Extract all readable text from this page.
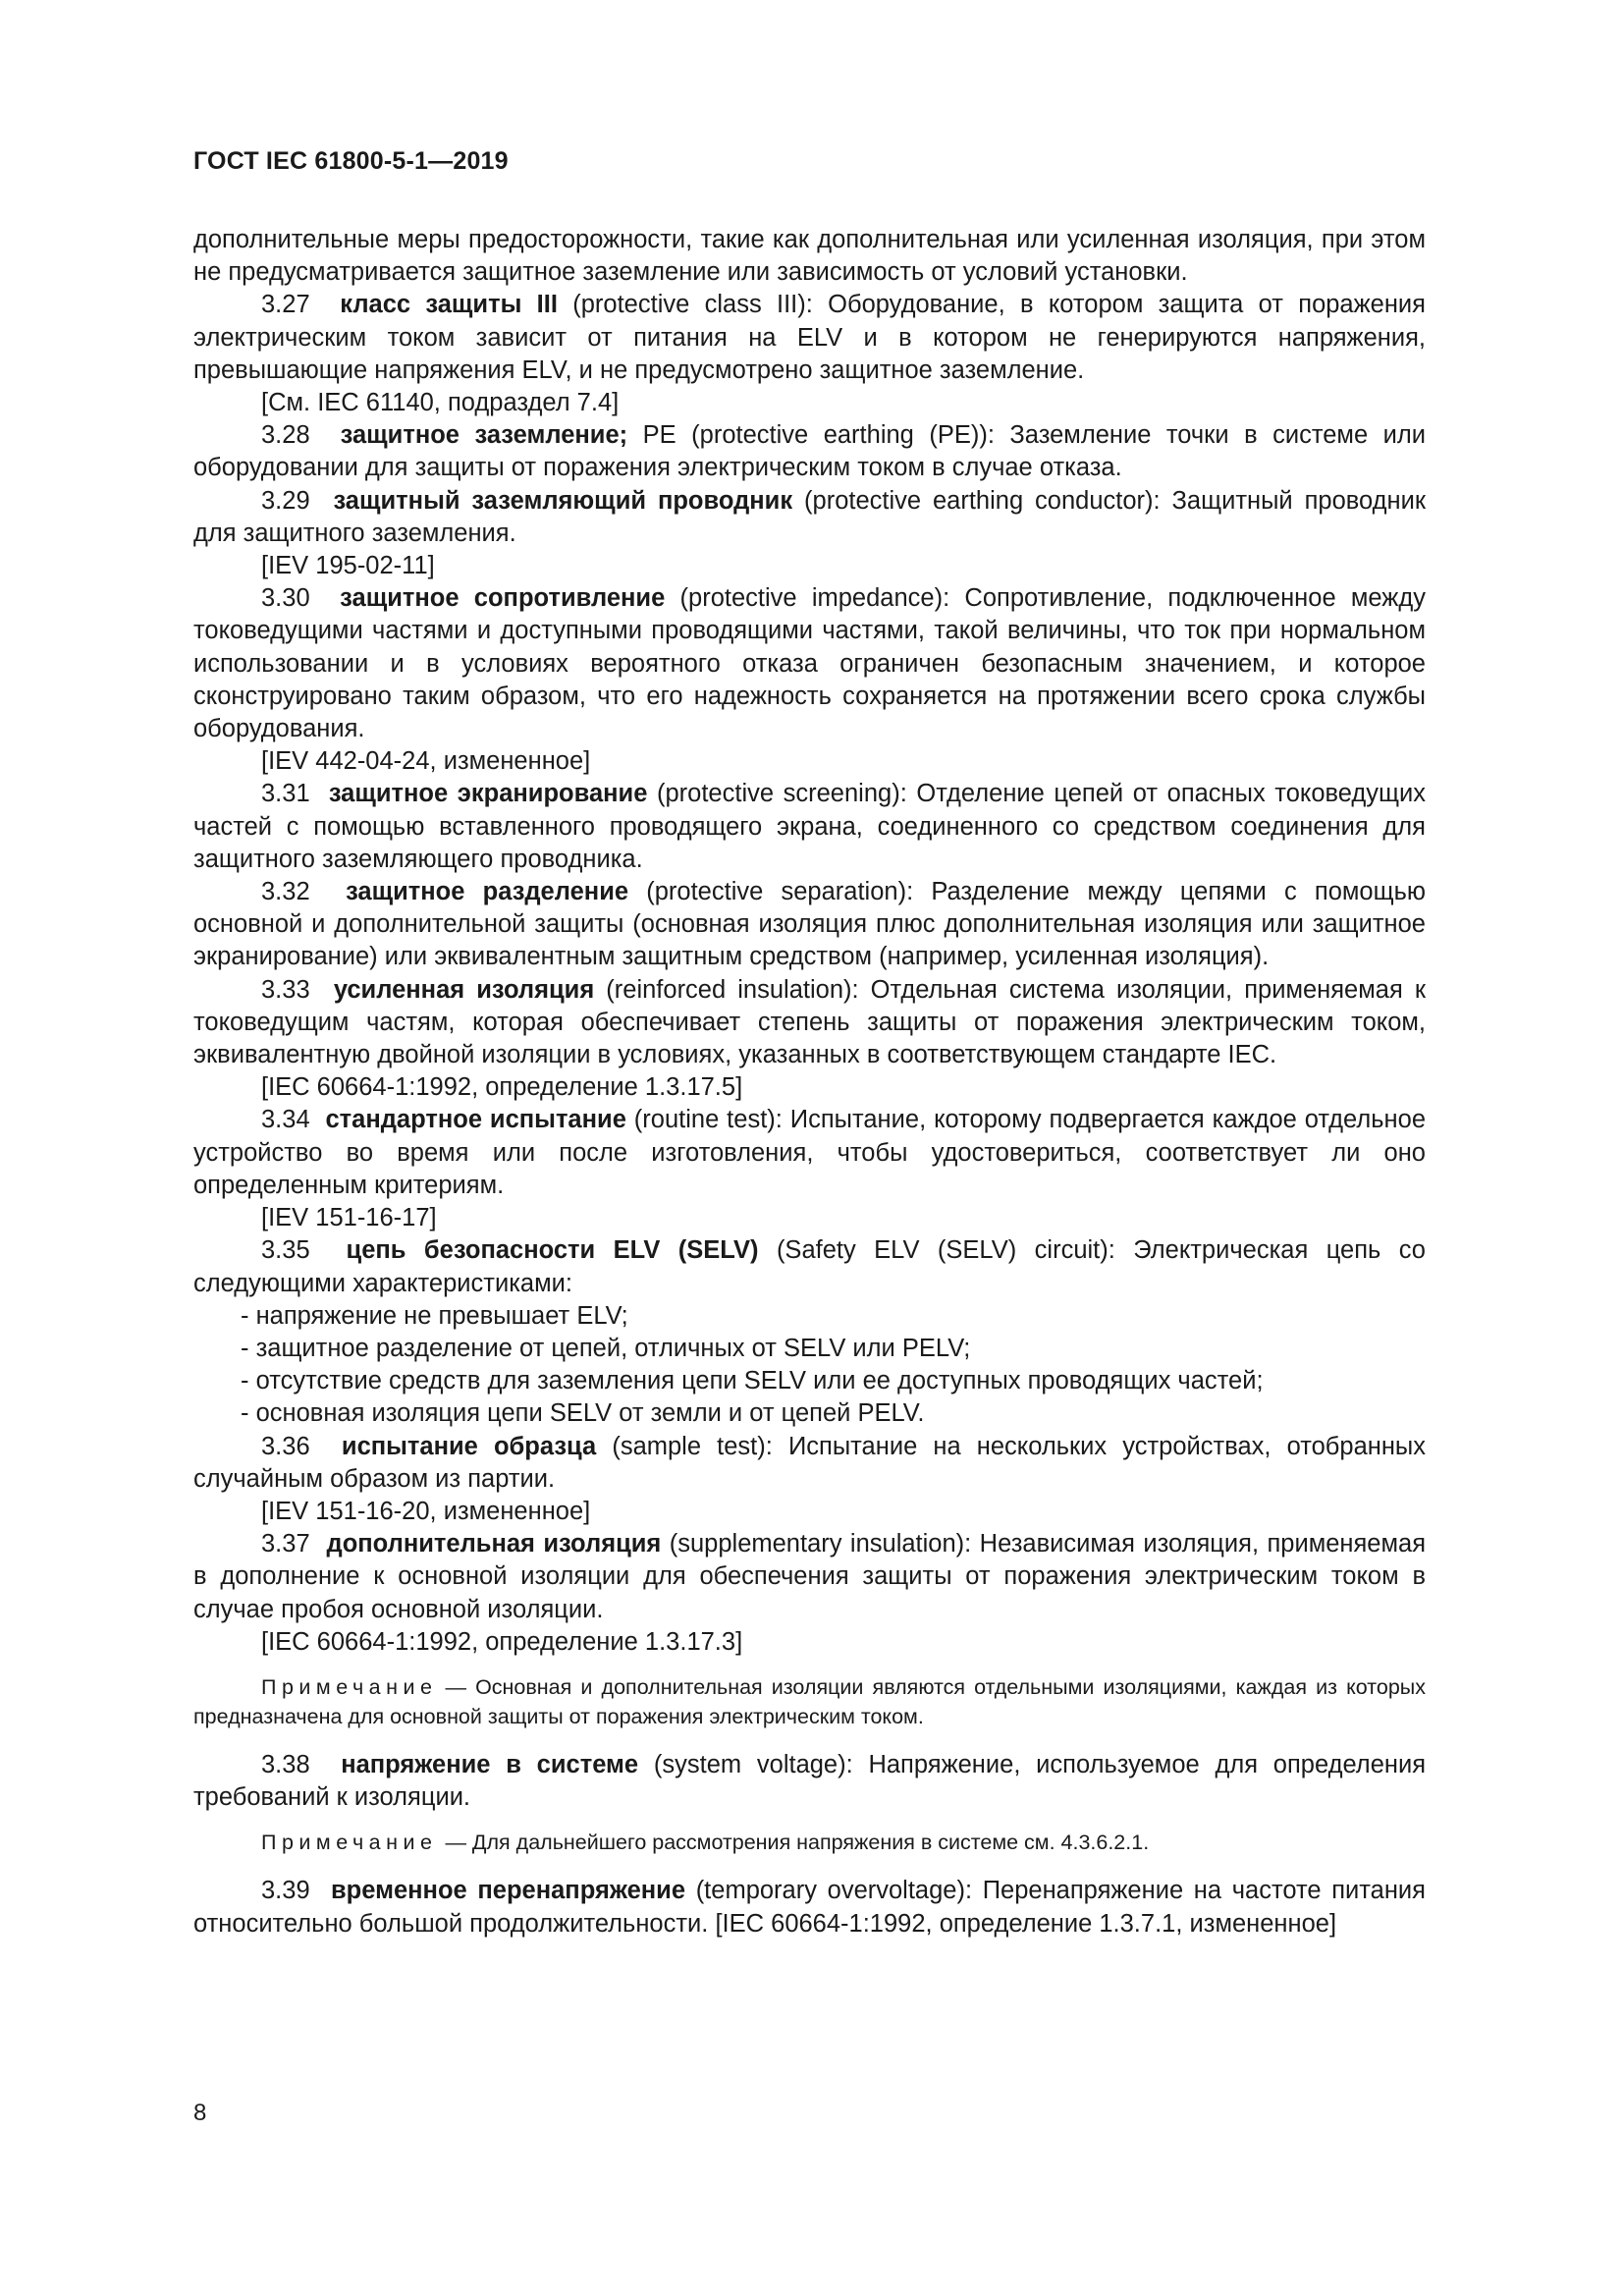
ГОСТ IEC 61800-5-1—2019

дополнительные меры предосторожности, такие как дополнительная или усиленная изоляция, при этом не предусматривается защитное заземление или зависимость от условий установки.

3.27 класс защиты III (protective class III): Оборудование, в котором защита от поражения электрическим током зависит от питания на ELV и в котором не генерируются напряжения, превышающие напряжения ELV, и не предусмотрено защитное заземление.

[См. IEC 61140, подраздел 7.4]

3.28 защитное заземление; PE (protective earthing (PE)): Заземление точки в системе или оборудовании для защиты от поражения электрическим током в случае отказа.

3.29 защитный заземляющий проводник (protective earthing conductor): Защитный проводник для защитного заземления.

[IEV 195-02-11]

3.30 защитное сопротивление (protective impedance): Сопротивление, подключенное между токоведущими частями и доступными проводящими частями, такой величины, что ток при нормальном использовании и в условиях вероятного отказа ограничен безопасным значением, и которое сконструировано таким образом, что его надежность сохраняется на протяжении всего срока службы оборудования.

[IEV 442-04-24, измененное]

3.31 защитное экранирование (protective screening): Отделение цепей от опасных токоведущих частей с помощью вставленного проводящего экрана, соединенного со средством соединения для защитного заземляющего проводника.

3.32 защитное разделение (protective separation): Разделение между цепями с помощью основной и дополнительной защиты (основная изоляция плюс дополнительная изоляция или защитное экранирование) или эквивалентным защитным средством (например, усиленная изоляция).

3.33 усиленная изоляция (reinforced insulation): Отдельная система изоляции, применяемая к токоведущим частям, которая обеспечивает степень защиты от поражения электрическим током, эквивалентную двойной изоляции в условиях, указанных в соответствующем стандарте IEC.

[IEC 60664-1:1992, определение 1.3.17.5]

3.34 стандартное испытание (routine test): Испытание, которому подвергается каждое отдельное устройство во время или после изготовления, чтобы удостовериться, соответствует ли оно определенным критериям.

[IEV 151-16-17]

3.35 цепь безопасности ELV (SELV) (Safety ELV (SELV) circuit): Электрическая цепь со следующими характеристиками:

- напряжение не превышает ELV;

- защитное разделение от цепей, отличных от SELV или PELV;

- отсутствие средств для заземления цепи SELV или ее доступных проводящих частей;

- основная изоляция цепи SELV от земли и от цепей PELV.

3.36 испытание образца (sample test): Испытание на нескольких устройствах, отобранных случайным образом из партии.

[IEV 151-16-20, измененное]

3.37 дополнительная изоляция (supplementary insulation): Независимая изоляция, применяемая в дополнение к основной изоляции для обеспечения защиты от поражения электрическим током в случае пробоя основной изоляции.

[IEC 60664-1:1992, определение 1.3.17.3]

Примечание — Основная и дополнительная изоляции являются отдельными изоляциями, каждая из которых предназначена для основной защиты от поражения электрическим током.

3.38 напряжение в системе (system voltage): Напряжение, используемое для определения требований к изоляции.

Примечание — Для дальнейшего рассмотрения напряжения в системе см. 4.3.6.2.1.

3.39 временное перенапряжение (temporary overvoltage): Перенапряжение на частоте питания относительно большой продолжительности. [IEC 60664-1:1992, определение 1.3.7.1, измененное]

8
